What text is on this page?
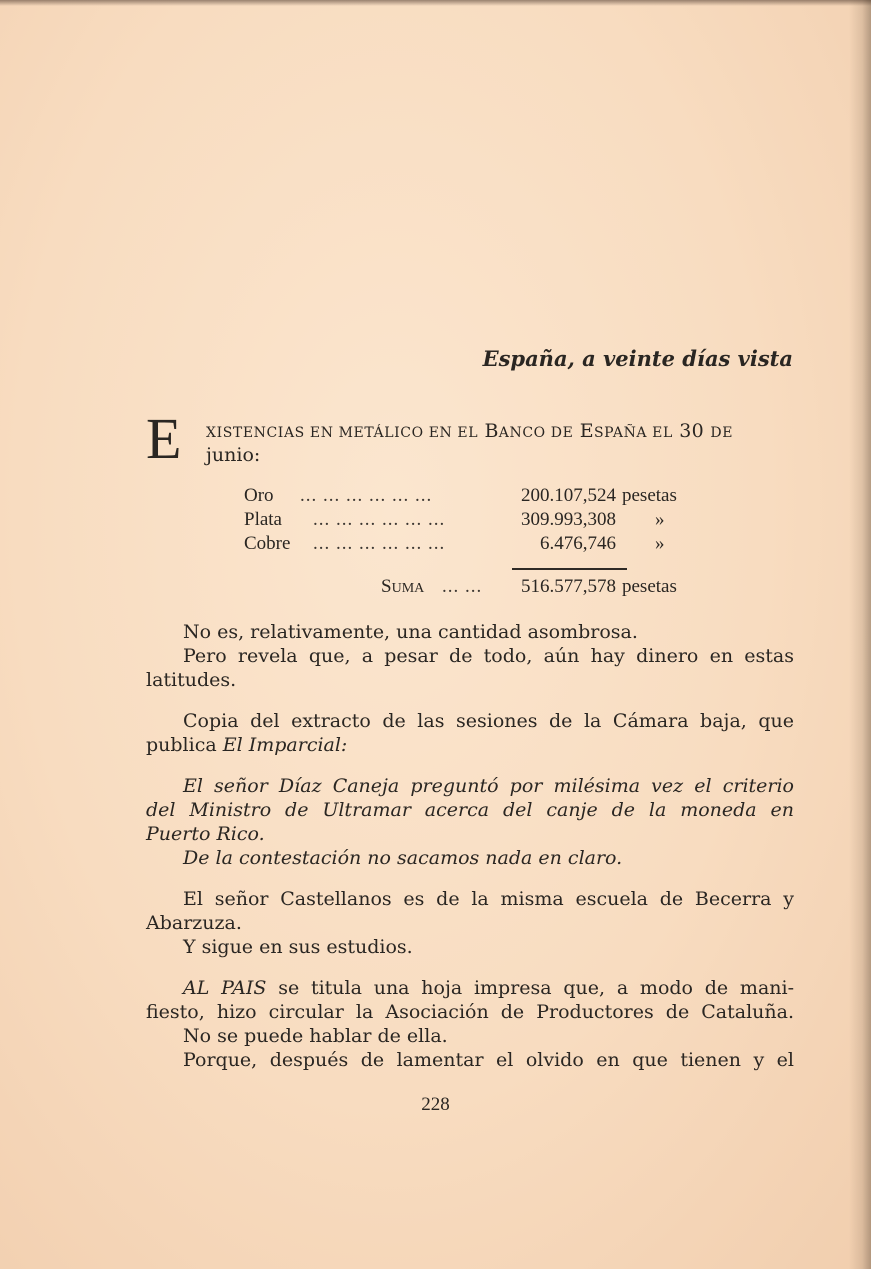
España, a veinte días vista
E XISTENCIAS EN METÁLICO EN EL BANCO DE ESPAÑA EL 30 DE
junio:
Oro ... ... ... ... ... ...	200.107,524 pesetas
Plata ... ... ... ... ... ...	309.993,308 »
Cobre ... ... ... ... ... ...	6.476,746 »
SUMA ... ...	516.577,578 pesetas
No es, relativamente, una cantidad asombrosa.
Pero revela que, a pesar de todo, aún hay dinero en estas
latitudes.
Copia del extracto de las sesiones de la Cámara baja, que
publica El Imparcial:
El señor Díaz Caneja preguntó por milésima vez el criterio
del Ministro de Ultramar acerca del canje de la moneda en
Puerto Rico.
De la contestación no sacamos nada en claro.
El señor Castellanos es de la misma escuela de Becerra y
Abarzuza.
Y sigue en sus estudios.
AL PAIS se titula una hoja impresa que, a modo de mani-
fiesto, hizo circular la Asociación de Productores de Cataluña.
No se puede hablar de ella.
Porque, después de lamentar el olvido en que tienen y el
228
